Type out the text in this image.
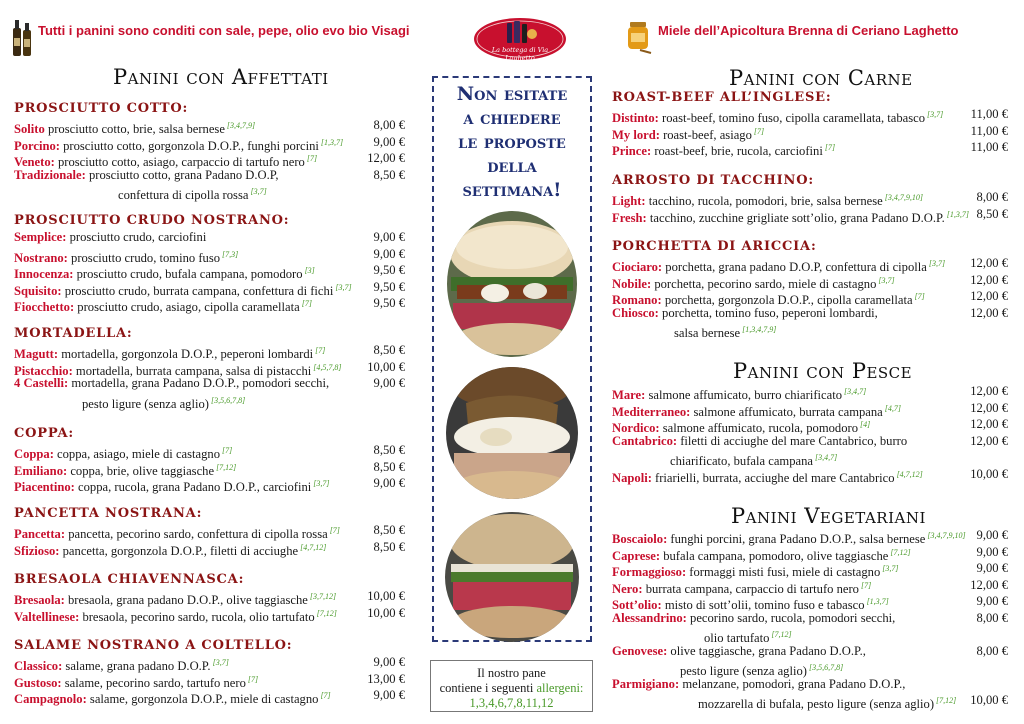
Tutti i panini sono conditi con sale, pepe, olio evo bio Visagi
La bottega di Via Laghetto
Miele dell’Apicoltura Brenna di Ceriano Laghetto
Panini con Affettati
PROSCIUTTO COTTO:
Solito prosciutto cotto, brie, salsa bernese [3,4,7,9]	8,00 €
Porcino: prosciutto cotto, gorgonzola D.O.P., funghi porcini [1,3,7] 9,00 €
Veneto: prosciutto cotto, asiago, carpaccio di tartufo nero [7]	12,00 €
Tradizionale: prosciutto cotto, grana Padano D.O.P,	8,50 €
confettura di cipolla rossa [3,7]
PROSCIUTTO CRUDO NOSTRANO:
Semplice: prosciutto crudo, carciofini	9,00 €
Nostrano: prosciutto crudo, tomino fuso [7,3]	9,00 €
Innocenza: prosciutto crudo, bufala campana, pomodoro [3]	9,50 €
Squisito: prosciutto crudo, burrata campana, confettura di fichi [3,7] 9,50 €
Fiocchetto: prosciutto crudo, asiago, cipolla caramellata [7]	9,50 €
MORTADELLA:
Magutt: mortadella, gorgonzola D.O.P., peperoni lombardi [7]	8,50 €
Pistacchio: mortadella, burrata campana, salsa di pistacchi [4,5,7,8] 10,00 €
4 Castelli: mortadella, grana Padano D.O.P., pomodori secchi,	9,00 €
pesto ligure (senza aglio) [3,5,6,7,8]
COPPA:
Coppa: coppa, asiago, miele di castagno [7]	8,50 €
Emiliano: coppa, brie, olive taggiasche [7,12]	8,50 €
Piacentino: coppa, rucola, grana Padano D.O.P., carciofini [3,7]	9,00 €
PANCETTA NOSTRANA:
Pancetta: pancetta, pecorino sardo, confettura di cipolla rossa [7]	8,50 €
Sfizioso: pancetta, gorgonzola D.O.P., filetti di acciughe [4,7,12]	8,50 €
BRESAOLA CHIAVENNASCA:
Bresaola: bresaola, grana padano D.O.P., olive taggiasche [3,7,12] 10,00 €
Valtellinese: bresaola, pecorino sardo, rucola, olio tartufato [7,12] 10,00 €
SALAME NOSTRANO A COLTELLO:
Classico: salame, grana padano D.O.P. [3,7]	9,00 €
Gustoso: salame, pecorino sardo, tartufo nero [7]	13,00 €
Campagnolo: salame, gorgonzola D.O.P., miele di castagno [7]	9,00 €
Non esitate
a chiedere
le proposte
della
settimana!
Il nostro pane
contiene i seguenti allergeni:
1,3,4,6,7,8,11,12
Panini con Carne
ROAST-BEEF ALL’INGLESE:
Distinto: roast-beef, tomino fuso, cipolla caramellata, tabasco [3,7] 11,00 €
My lord: roast-beef, asiago [7]	11,00 €
Prince: roast-beef, brie, rucola, carciofini [7]	11,00 €
ARROSTO DI TACCHINO:
Light: tacchino, rucola, pomodori, brie, salsa bernese [3,4,7,9,10]	8,00 €
Fresh: tacchino, zucchine grigliate sott’olio, grana Padano D.O.P. [1,3,7] 8,50 €
PORCHETTA DI ARICCIA:
Ciociaro: porchetta, grana padano D.O.P, confettura di cipolla [3,7] 12,00 €
Nobile: porchetta, pecorino sardo, miele di castagno [3,7]	12,00 €
Romano: porchetta, gorgonzola D.O.P., cipolla caramellata [7]	12,00 €
Chiosco: porchetta, tomino fuso, peperoni lombardi,	12,00 €
salsa bernese [1,3,4,7,9]
Panini con Pesce
Mare: salmone affumicato, burro chiarificato [3,4,7]	12,00 €
Mediterraneo: salmone affumicato, burrata campana [4,7]	12,00 €
Nordico: salmone affumicato, rucola, pomodoro [4]	12,00 €
Cantabrico: filetti di acciughe del mare Cantabrico, burro	12,00 €
chiarificato, bufala campana [3,4,7]
Napoli: friarielli, burrata, acciughe del mare Cantabrico [4,7,12]	10,00 €
Panini Vegetariani
Boscaiolo: funghi porcini, grana Padano D.O.P., salsa bernese [3,4,7,9,10] 9,00 €
Caprese: bufala campana, pomodoro, olive taggiasche [7,12]	9,00 €
Formaggioso: formaggi misti fusi, miele di castagno [3,7]	9,00 €
Nero: burrata campana, carpaccio di tartufo nero [7]	12,00 €
Sott’olio: misto di sott’olii, tomino fuso e tabasco [1,3,7]	9,00 €
Alessandrino: pecorino sardo, rucola, pomodori secchi,	8,00 €
olio tartufato [7,12]
Genovese: olive taggiasche, grana Padano D.O.P.,	8,00 €
pesto ligure (senza aglio) [3,5,6,7,8]
Parmigiano: melanzane, pomodori, grana Padano D.O.P.,
mozzarella di bufala, pesto ligure (senza aglio) [7,12] 10,00 €
